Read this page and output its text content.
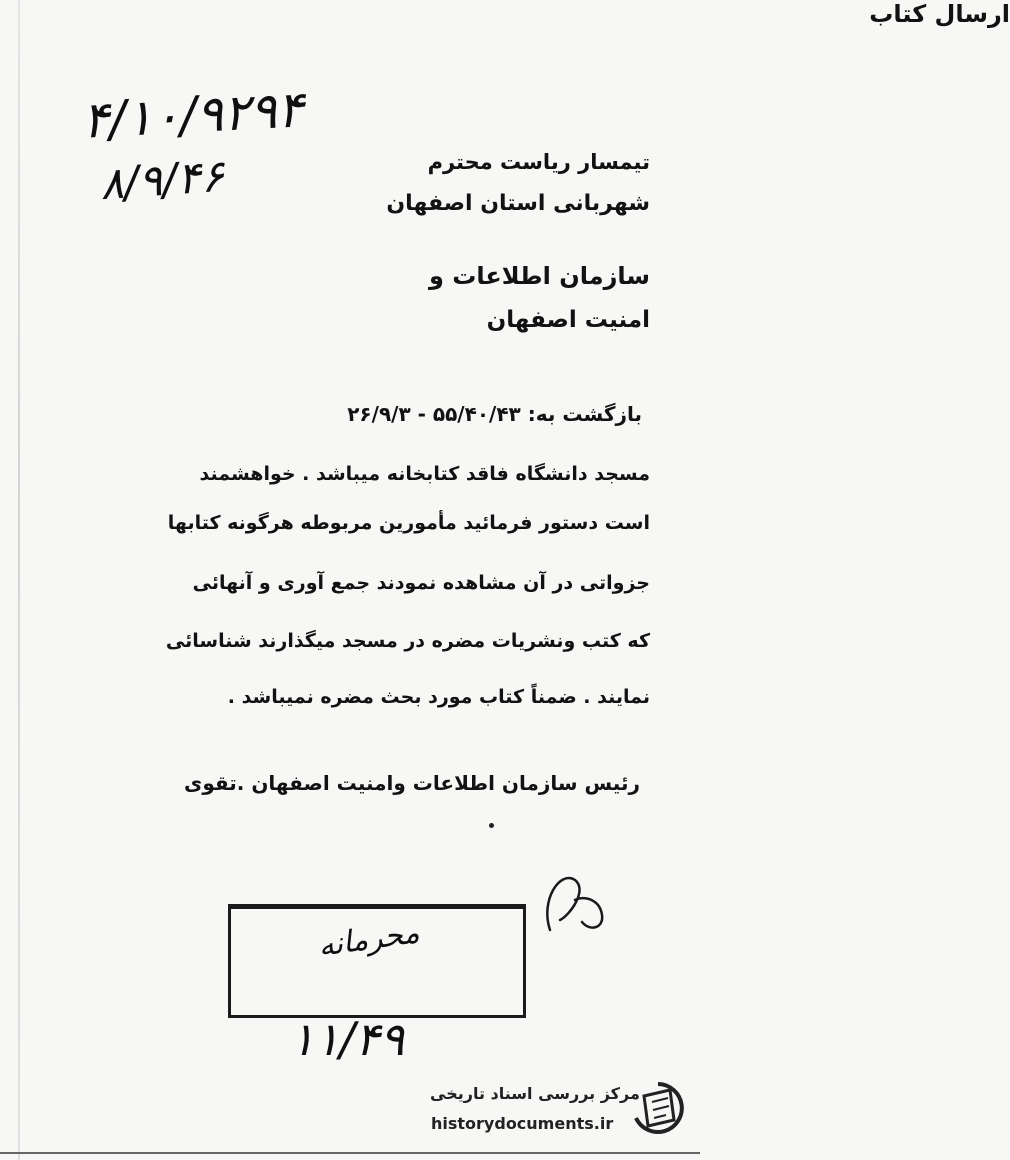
۴/۱۰/۹۲۹۴
۸/۹/۴۶	تیمسار ریاست محترم
شهربانی استان اصفهان
سازمان اطلاعات و
امنیت اصفهان
ارسال کتاب
بازگشت به: ۵۵/۴۰/۴۳ - ۲۶/۹/۳
مسجد دانشگاه فاقد کتابخانه میباشد . خواهشمند
است دستور فرمائید مأمورین مربوطه هرگونه کتابها
جزواتی در آن مشاهده نمودند جمع آوری و آنهائی
که کتب ونشریات مضره در مسجد میگذارند شناسائی
نمایند . ضمناً کتاب مورد بحث مضره نمیباشد .
رئیس سازمان اطلاعات وامنیت اصفهان .تقوی
محرمانه
۱۱/۴۹
مرکز بررسی اسناد تاریخی
historydocuments.ir
